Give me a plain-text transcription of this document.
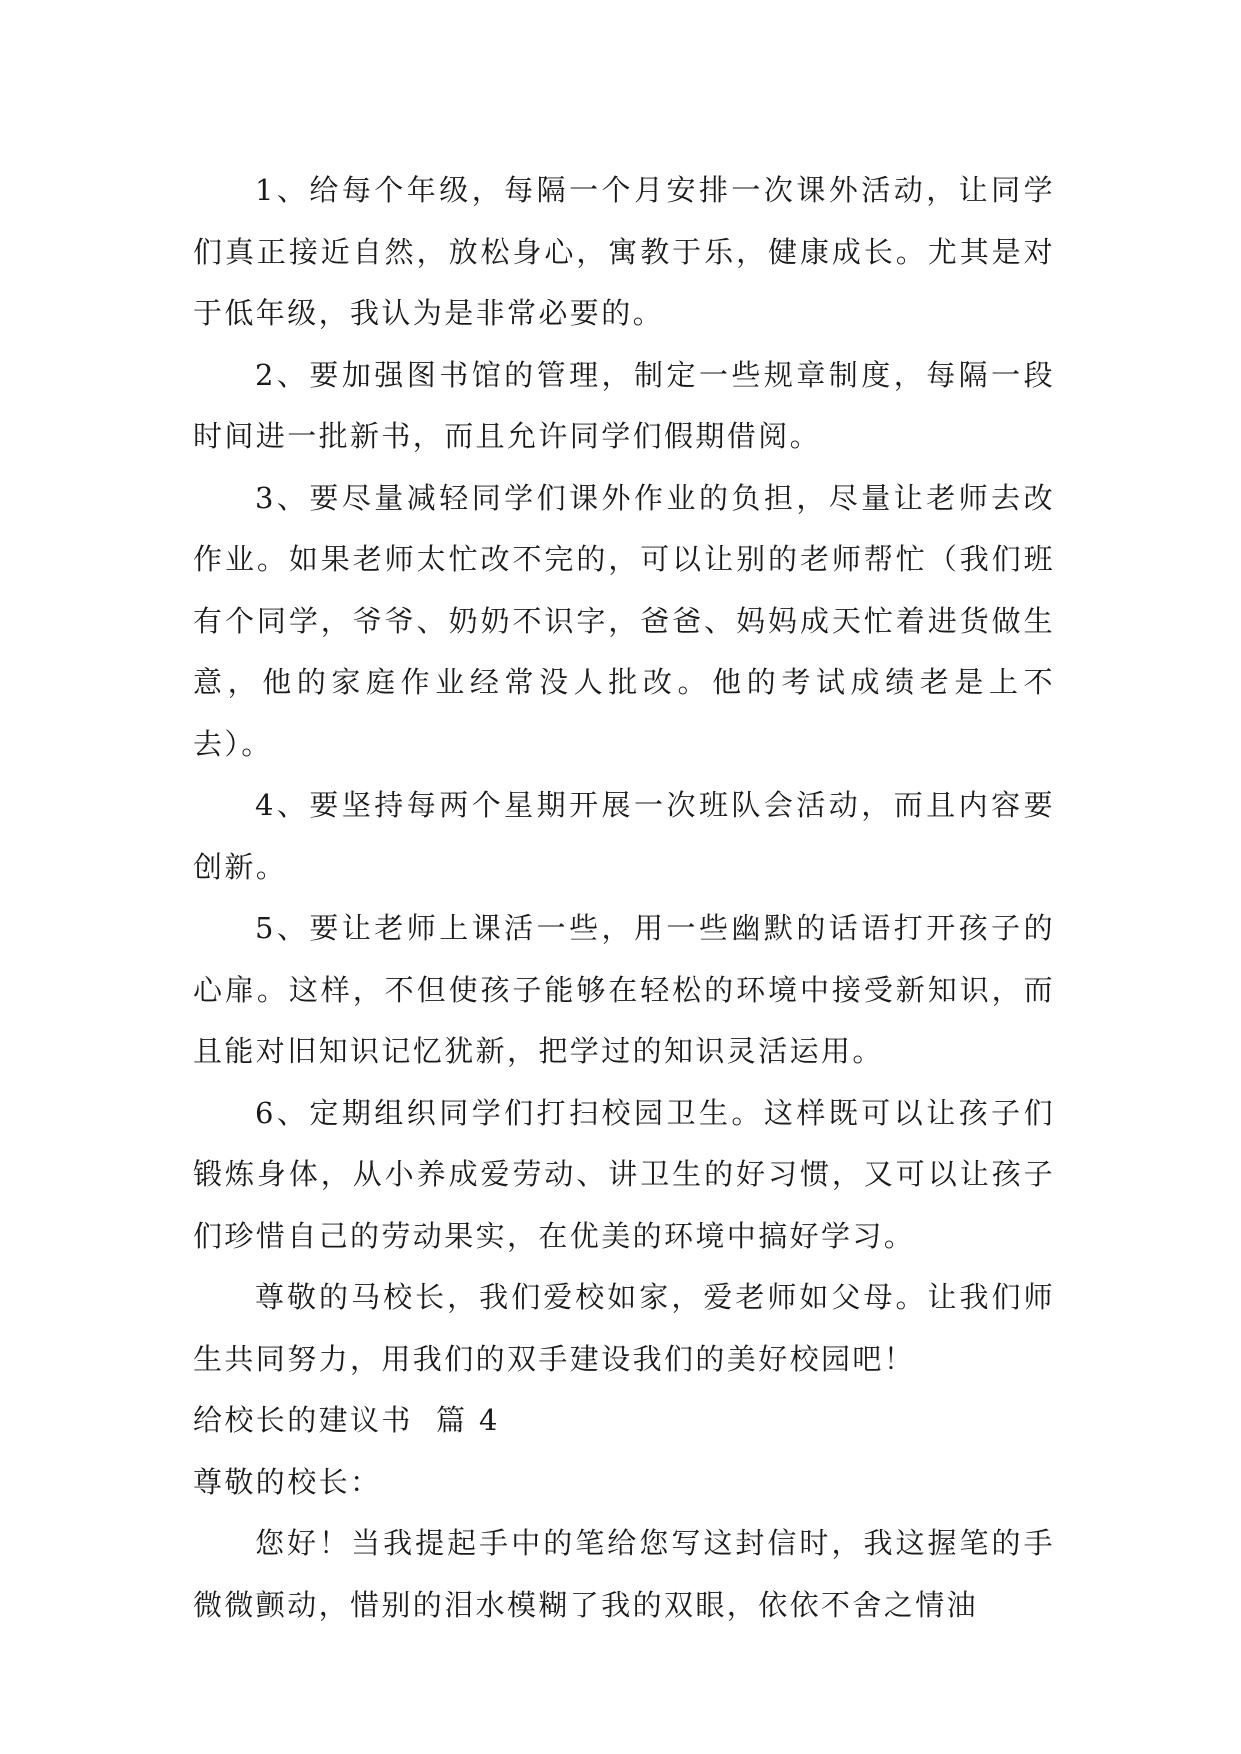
1、给每个年级，每隔一个月安排一次课外活动，让同学们真正接近自然，放松身心，寓教于乐，健康成长。尤其是对于低年级，我认为是非常必要的。

2、要加强图书馆的管理，制定一些规章制度，每隔一段时间进一批新书，而且允许同学们假期借阅。

3、要尽量减轻同学们课外作业的负担，尽量让老师去改作业。如果老师太忙改不完的，可以让别的老师帮忙（我们班有个同学，爷爷、奶奶不识字，爸爸、妈妈成天忙着进货做生意，他的家庭作业经常没人批改。他的考试成绩老是上不去）。

4、要坚持每两个星期开展一次班队会活动，而且内容要创新。

5、要让老师上课活一些，用一些幽默的话语打开孩子的心扉。这样，不但使孩子能够在轻松的环境中接受新知识，而且能对旧知识记忆犹新，把学过的知识灵活运用。

6、定期组织同学们打扫校园卫生。这样既可以让孩子们锻炼身体，从小养成爱劳动、讲卫生的好习惯，又可以让孩子们珍惜自己的劳动果实，在优美的环境中搞好学习。

尊敬的马校长，我们爱校如家，爱老师如父母。让我们师生共同努力，用我们的双手建设我们的美好校园吧！

给校长的建议书  篇 4

尊敬的校长：

您好！当我提起手中的笔给您写这封信时，我这握笔的手微微颤动，惜别的泪水模糊了我的双眼，依依不舍之情油
